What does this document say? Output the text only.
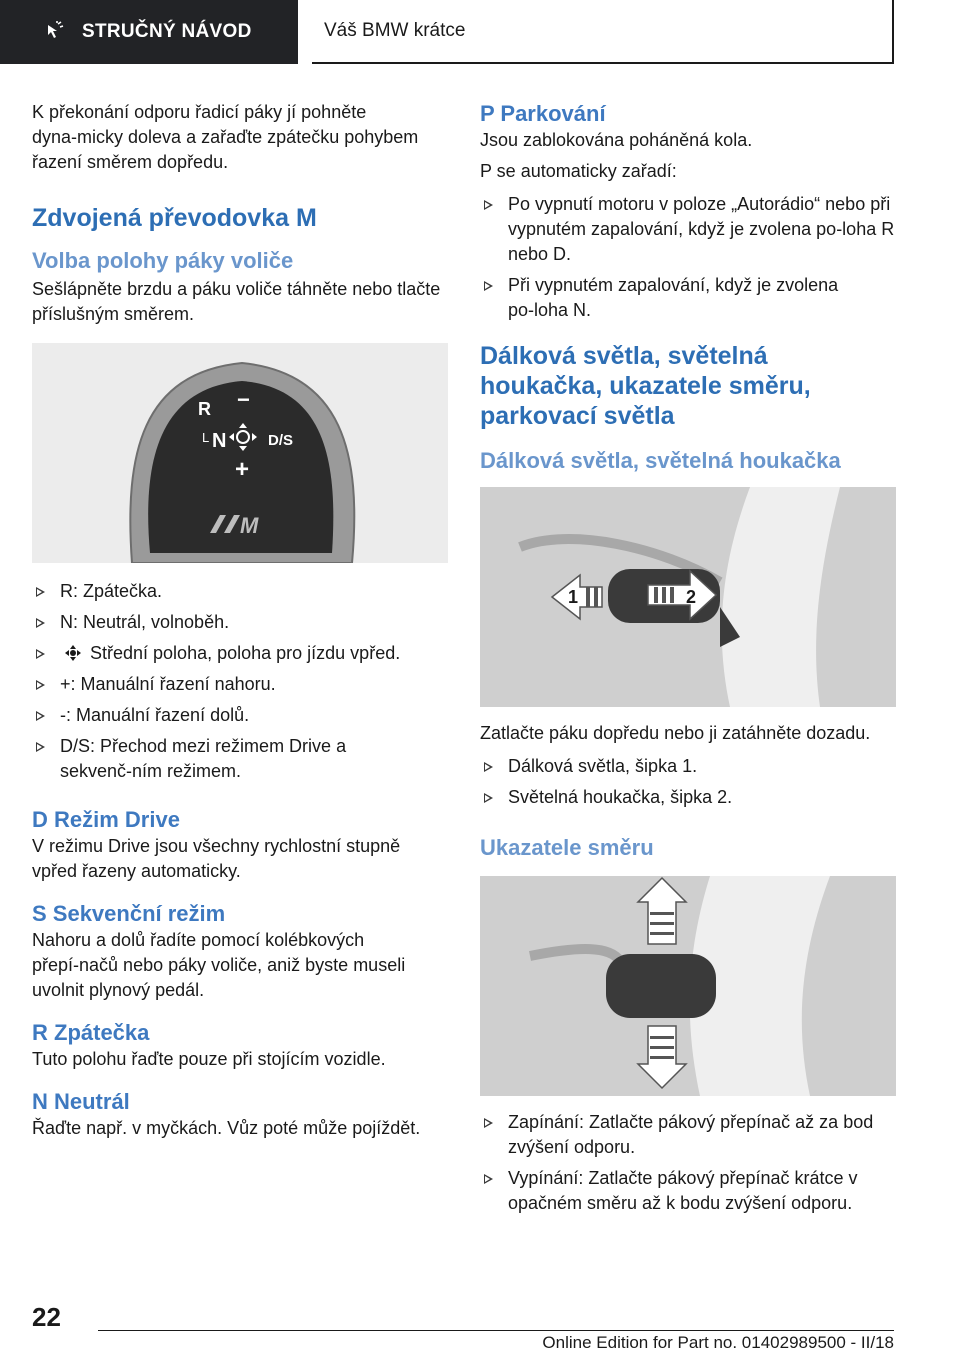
STRUČNÝ NÁVOD	Váš BMW krátce

K překonání odporu řadicí páky jí pohněte dyna‑micky doleva a zařaďte zpátečku pohybem řazení směrem dopředu.

Zdvojená převodovka M
Volba polohy páky voliče

Sešlápněte brzdu a páku voliče táhněte nebo tlačte příslušným směrem.

R −
L N	D/S
+
M
R: Zpátečka.
N: Neutrál, volnoběh.
Střední poloha, poloha pro jízdu vpřed.
+: Manuální řazení nahoru.
-: Manuální řazení dolů.
D/S: Přechod mezi režimem Drive a sekvenč‑ním režimem.
D Režim Drive

V režimu Drive jsou všechny rychlostní stupně vpřed řazeny automaticky.

S Sekvenční režim

Nahoru a dolů řadíte pomocí kolébkových přepí‑načů nebo páky voliče, aniž byste museli uvolnit plynový pedál.

R Zpátečka

Tuto polohu řaďte pouze při stojícím vozidle.

N Neutrál

Řaďte např. v myčkách. Vůz poté může pojíždět.

P Parkování

Jsou zablokována poháněná kola.

P se automaticky zařadí:

Po vypnutí motoru v poloze „Autorádio“ nebo při vypnutém zapalování, když je zvolena po‑loha R nebo D.
Při vypnutém zapalování, když je zvolena po‑loha N.
Dálková světla, světelná houkačka, ukazatele směru, parkovací světla
Dálková světla, světelná houkačka
1	2

Zatlačte páku dopředu nebo ji zatáhněte dozadu.

Dálková světla, šipka 1.
Světelná houkačka, šipka 2.
Ukazatele směru
Zapínání: Zatlačte pákový přepínač až za bod zvýšení odporu.
Vypínání: Zatlačte pákový přepínač krátce v opačném směru až k bodu zvýšení odporu.
22
Online Edition for Part no. 01402989500 - II/18
